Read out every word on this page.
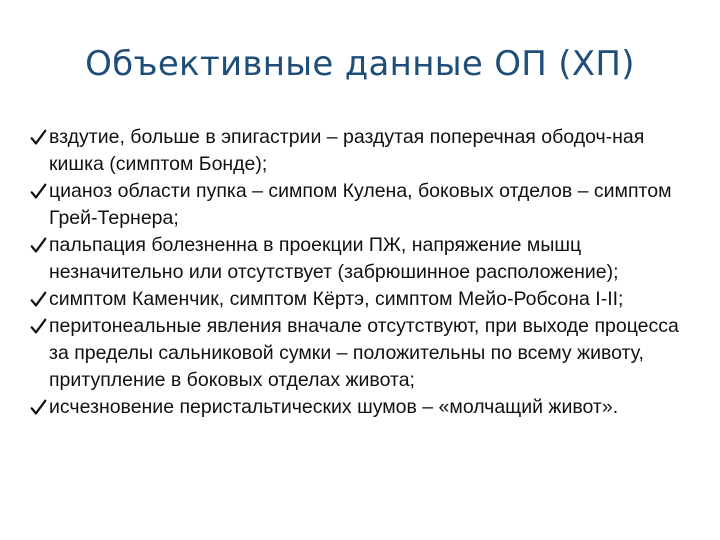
Объективные данные ОП (ХП)
вздутие, больше в эпигастрии – раздутая поперечная ободоч-ная кишка (симптом Бонде);
цианоз области пупка – симпом Кулена, боковых отделов – симптом Грей-Тернера;
пальпация болезненна в проекции ПЖ, напряжение мышц незначительно или отсутствует (забрюшинное расположение);
симптом Каменчик, симптом Кёртэ, симптом Мейо-Робсона I-II;
перитонеальные явления вначале отсутствуют, при выходе процесса за пределы сальниковой сумки – положительны по всему животу, притупление в боковых отделах живота;
исчезновение перистальтических шумов – «молчащий живот».
